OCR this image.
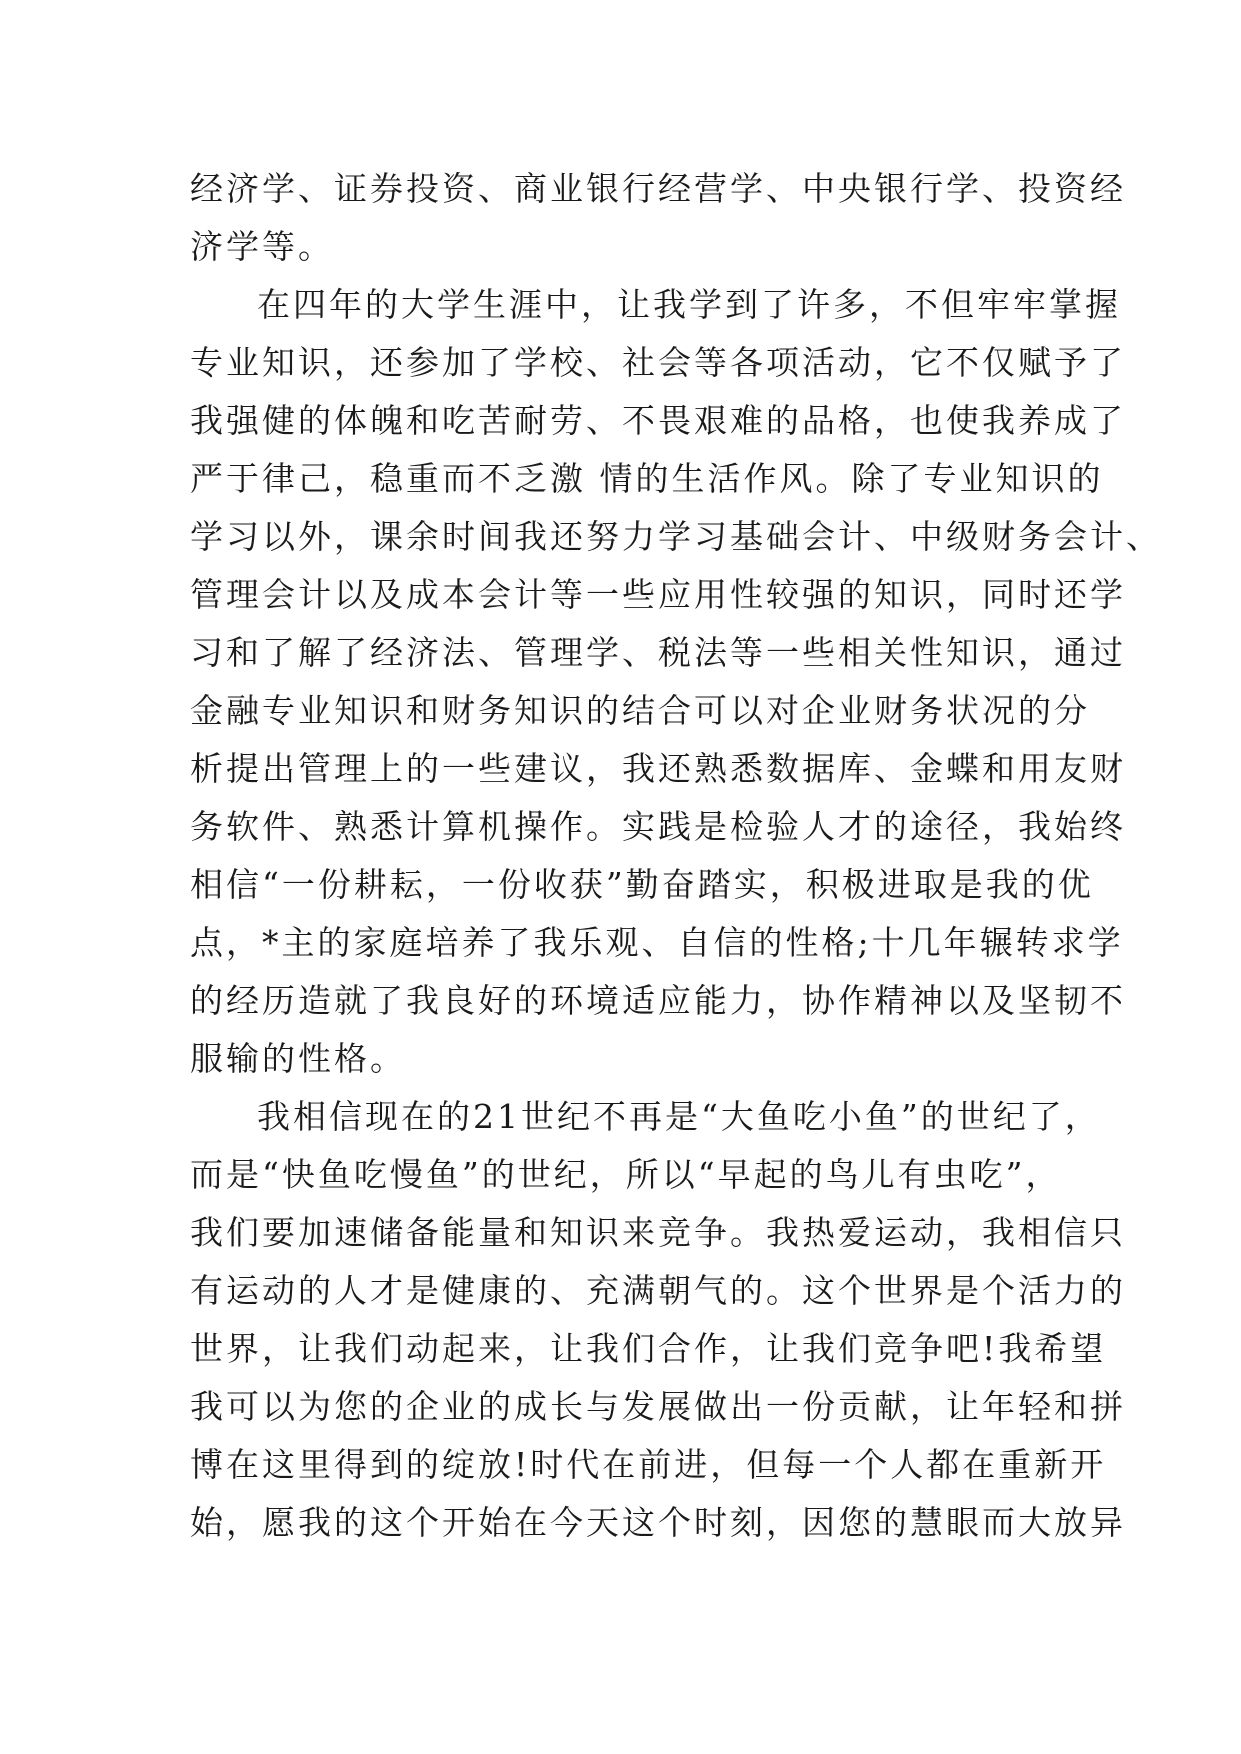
经济学、证券投资、商业银行经营学、中央银行学、投资经
济学等。
在四年的大学生涯中，让我学到了许多，不但牢牢掌握
专业知识，还参加了学校、社会等各项活动，它不仅赋予了
我强健的体魄和吃苦耐劳、不畏艰难的品格，也使我养成了
严于律己，稳重而不乏激 情的生活作风。除了专业知识的
学习以外，课余时间我还努力学习基础会计、中级财务会计、
管理会计以及成本会计等一些应用性较强的知识，同时还学
习和了解了经济法、管理学、税法等一些相关性知识，通过
金融专业知识和财务知识的结合可以对企业财务状况的分
析提出管理上的一些建议，我还熟悉数据库、金蝶和用友财
务软件、熟悉计算机操作。实践是检验人才的途径，我始终
相信“一份耕耘，一份收获”勤奋踏实，积极进取是我的优
点，*主的家庭培养了我乐观、自信的性格;十几年辗转求学
的经历造就了我良好的环境适应能力，协作精神以及坚韧不
服输的性格。
我相信现在的21世纪不再是“大鱼吃小鱼”的世纪了，
而是“快鱼吃慢鱼”的世纪，所以“早起的鸟儿有虫吃”，
我们要加速储备能量和知识来竞争。我热爱运动，我相信只
有运动的人才是健康的、充满朝气的。这个世界是个活力的
世界，让我们动起来，让我们合作，让我们竞争吧!我希望
我可以为您的企业的成长与发展做出一份贡献，让年轻和拼
博在这里得到的绽放!时代在前进，但每一个人都在重新开
始，愿我的这个开始在今天这个时刻，因您的慧眼而大放异
